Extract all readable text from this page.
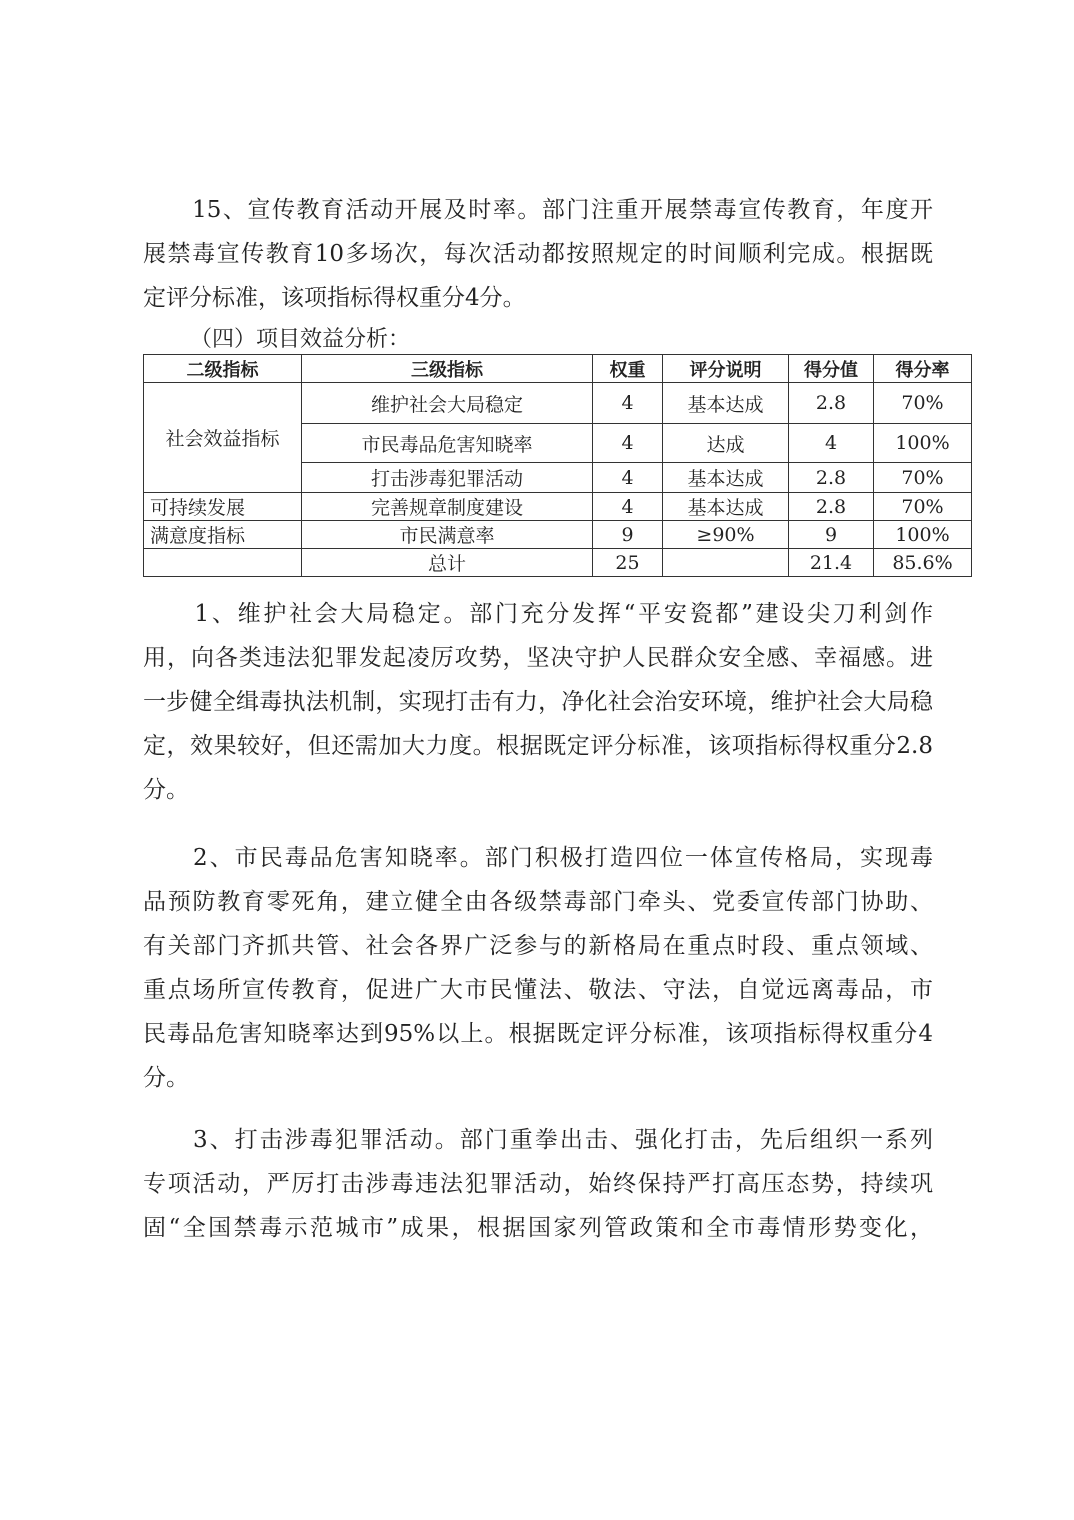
　　15、宣传教育活动开展及时率。部门注重开展禁毒宣传教育，年度开
展禁毒宣传教育10多场次，每次活动都按照规定的时间顺利完成。根据既
定评分标准，该项指标得权重分4分。
（四）项目效益分析：
二级指标	三级指标	权重	评分说明	得分值	得分率
社会效益指标	维护社会大局稳定	4	基本达成	2.8	70%
	市民毒品危害知晓率	4	达成	4	100%
	打击涉毒犯罪活动	4	基本达成	2.8	70%
可持续发展	完善规章制度建设	4	基本达成	2.8	70%
满意度指标	市民满意率	9	≥90%	9	100%
	总计	25		21.4	85.6%
　　1、维护社会大局稳定。部门充分发挥“平安瓷都”建设尖刀利剑作
用，向各类违法犯罪发起凌厉攻势，坚决守护人民群众安全感、幸福感。进
一步健全缉毒执法机制，实现打击有力，净化社会治安环境，维护社会大局稳
定，效果较好，但还需加大力度。根据既定评分标准，该项指标得权重分2.8
分。
　　2、市民毒品危害知晓率。部门积极打造四位一体宣传格局，实现毒
品预防教育零死角，建立健全由各级禁毒部门牵头、党委宣传部门协助、
有关部门齐抓共管、社会各界广泛参与的新格局在重点时段、重点领域、
重点场所宣传教育，促进广大市民懂法、敬法、守法，自觉远离毒品，市
民毒品危害知晓率达到95%以上。根据既定评分标准，该项指标得权重分4
分。
　　3、打击涉毒犯罪活动。部门重拳出击、强化打击，先后组织一系列
专项活动，严厉打击涉毒违法犯罪活动，始终保持严打高压态势，持续巩
固“全国禁毒示范城市”成果，根据国家列管政策和全市毒情形势变化，
